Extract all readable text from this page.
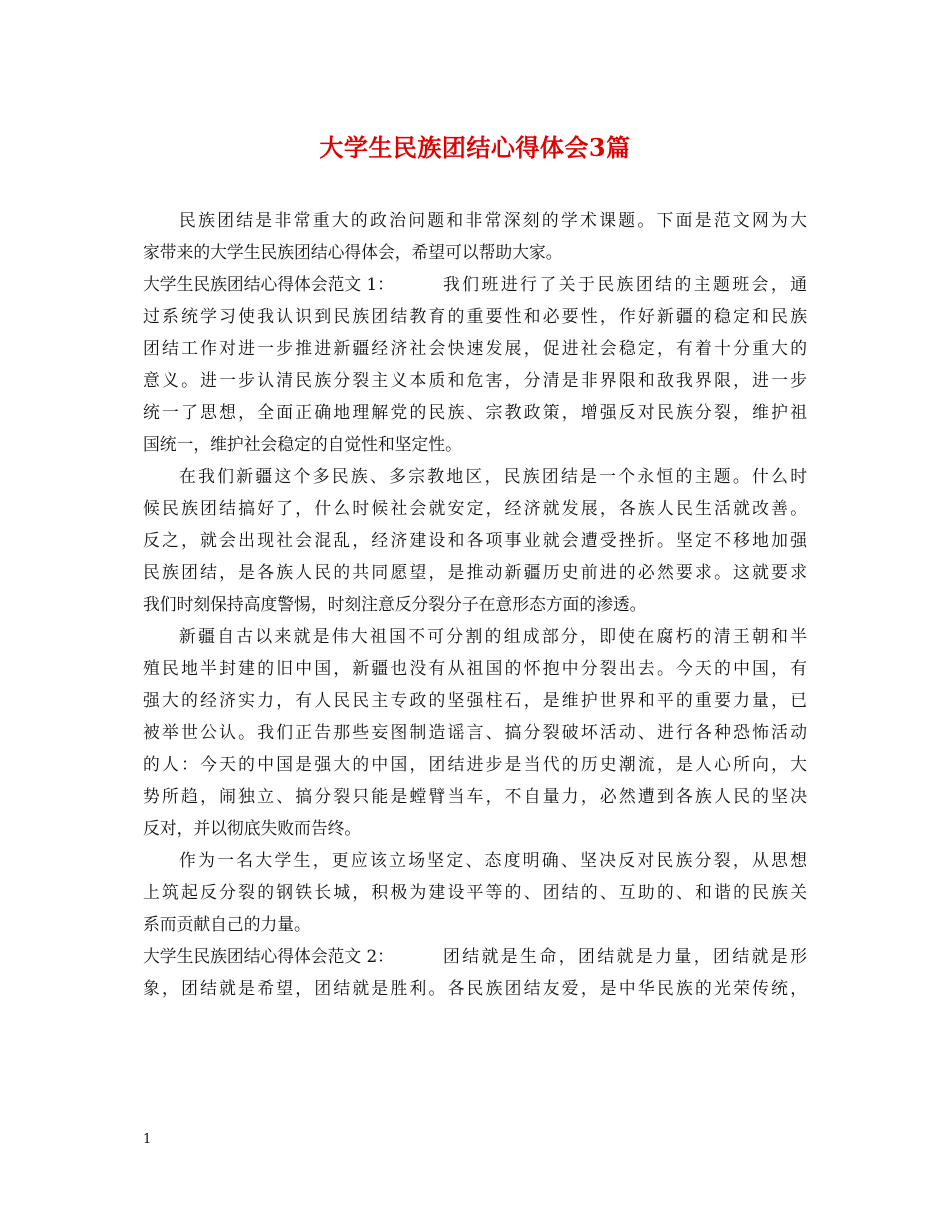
大学生民族团结心得体会3篇
民族团结是非常重大的政治问题和非常深刻的学术课题。下面是范文网为大
家带来的大学生民族团结心得体会，希望可以帮助大家。
大学生民族团结心得体会范文 1：	我们班进行了关于民族团结的主题班会，通
过系统学习使我认识到民族团结教育的重要性和必要性，作好新疆的稳定和民族
团结工作对进一步推进新疆经济社会快速发展，促进社会稳定，有着十分重大的
意义。进一步认清民族分裂主义本质和危害，分清是非界限和敌我界限，进一步
统一了思想，全面正确地理解党的民族、宗教政策，增强反对民族分裂，维护祖
国统一，维护社会稳定的自觉性和坚定性。
在我们新疆这个多民族、多宗教地区，民族团结是一个永恒的主题。什么时
候民族团结搞好了，什么时候社会就安定，经济就发展，各族人民生活就改善。
反之，就会出现社会混乱，经济建设和各项事业就会遭受挫折。坚定不移地加强
民族团结，是各族人民的共同愿望，是推动新疆历史前进的必然要求。这就要求
我们时刻保持高度警惕，时刻注意反分裂分子在意形态方面的渗透。
新疆自古以来就是伟大祖国不可分割的组成部分，即使在腐朽的清王朝和半
殖民地半封建的旧中国，新疆也没有从祖国的怀抱中分裂出去。今天的中国，有
强大的经济实力，有人民民主专政的坚强柱石，是维护世界和平的重要力量，已
被举世公认。我们正告那些妄图制造谣言、搞分裂破坏活动、进行各种恐怖活动
的人：今天的中国是强大的中国，团结进步是当代的历史潮流，是人心所向，大
势所趋，闹独立、搞分裂只能是螳臂当车，不自量力，必然遭到各族人民的坚决
反对，并以彻底失败而告终。
作为一名大学生，更应该立场坚定、态度明确、坚决反对民族分裂，从思想
上筑起反分裂的钢铁长城，积极为建设平等的、团结的、互助的、和谐的民族关
系而贡献自己的力量。
大学生民族团结心得体会范文 2：	团结就是生命，团结就是力量，团结就是形
象，团结就是希望，团结就是胜利。各民族团结友爱，是中华民族的光荣传统，
1
